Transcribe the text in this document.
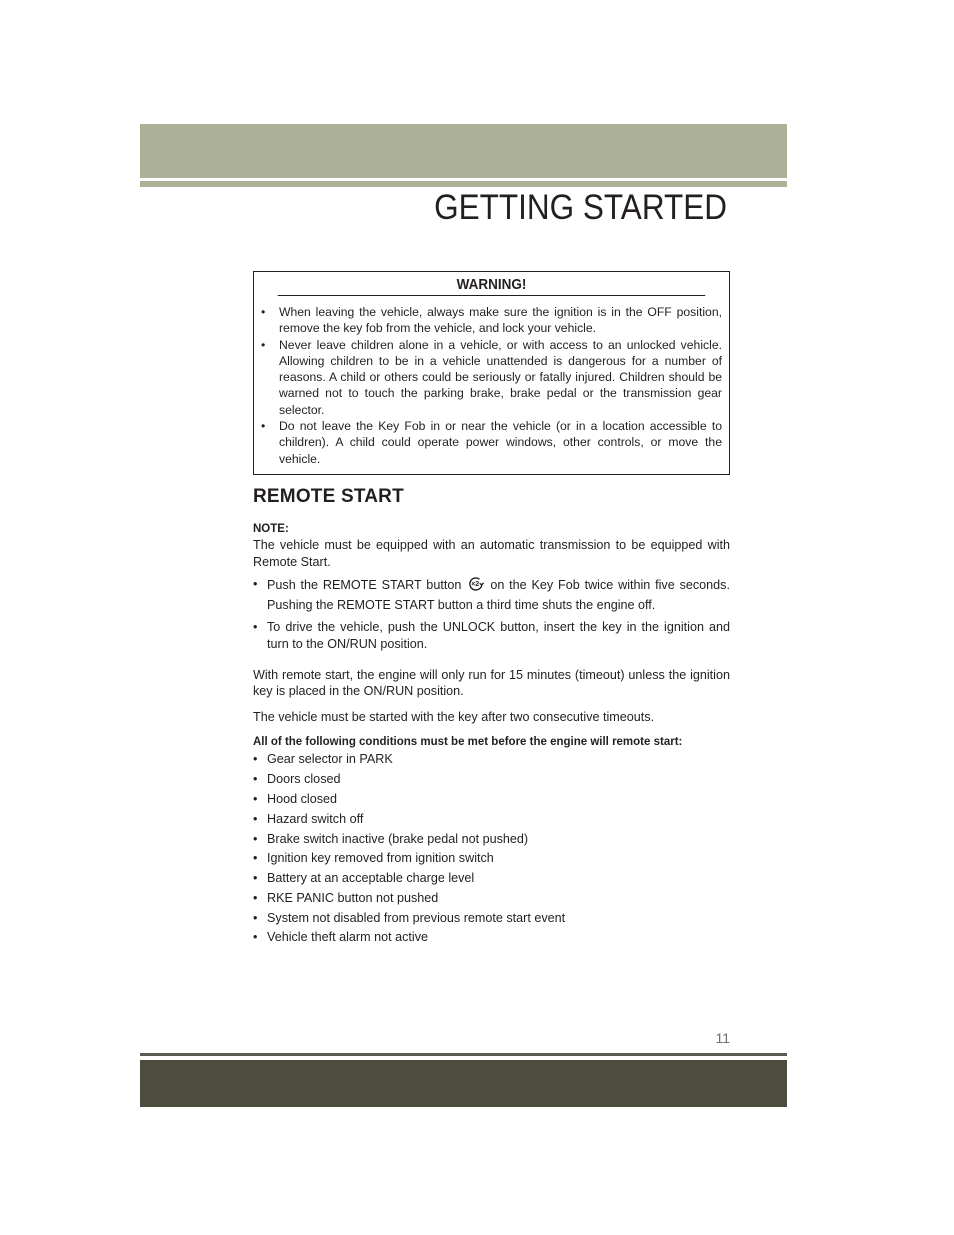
GETTING STARTED
WARNING!
• When leaving the vehicle, always make sure the ignition is in the OFF position, remove the key fob from the vehicle, and lock your vehicle.
• Never leave children alone in a vehicle, or with access to an unlocked vehicle. Allowing children to be in a vehicle unattended is dangerous for a number of reasons. A child or others could be seriously or fatally injured. Children should be warned not to touch the parking brake, brake pedal or the transmission gear selector.
• Do not leave the Key Fob in or near the vehicle (or in a location accessible to children). A child could operate power windows, other controls, or move the vehicle.
REMOTE START
NOTE:

The vehicle must be equipped with an automatic transmission to be equipped with Remote Start.

• Push the REMOTE START button ×2 on the Key Fob twice within five seconds. Pushing the REMOTE START button a third time shuts the engine off.
• To drive the vehicle, push the UNLOCK button, insert the key in the ignition and turn to the ON/RUN position.

With remote start, the engine will only run for 15 minutes (timeout) unless the ignition key is placed in the ON/RUN position.

The vehicle must be started with the key after two consecutive timeouts.

All of the following conditions must be met before the engine will remote start:
• Gear selector in PARK
• Doors closed
• Hood closed
• Hazard switch off
• Brake switch inactive (brake pedal not pushed)
• Ignition key removed from ignition switch
• Battery at an acceptable charge level
• RKE PANIC button not pushed
• System not disabled from previous remote start event
• Vehicle theft alarm not active
11
